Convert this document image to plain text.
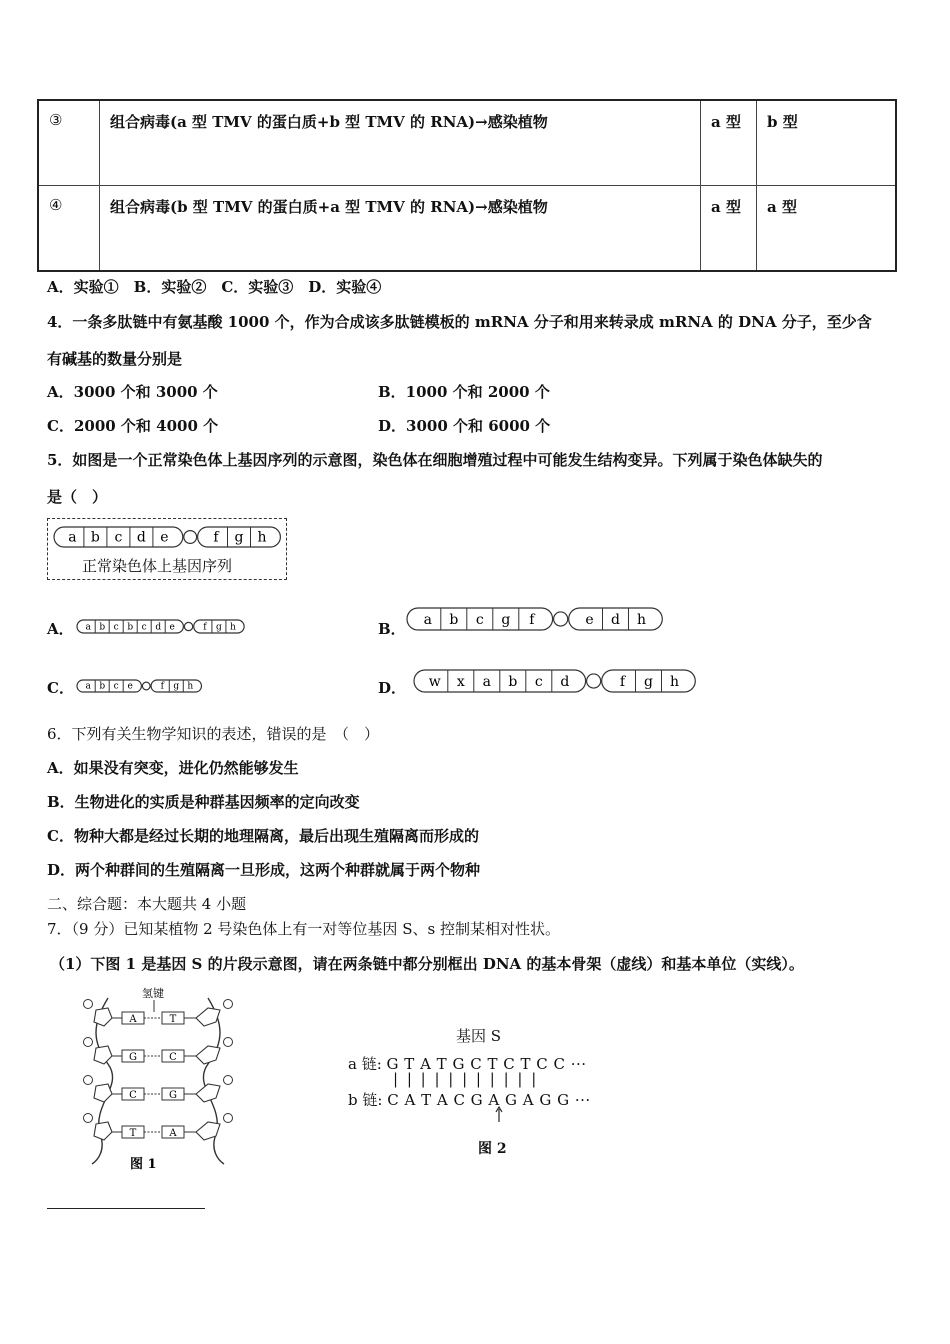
③	组合病毒(a 型 TMV 的蛋白质+b 型 TMV 的 RNA)→感染植物	a 型	b 型
④	组合病毒(b 型 TMV 的蛋白质+a 型 TMV 的 RNA)→感染植物	a 型	a 型
A．实验①　B．实验②　C．实验③　D．实验④
4．一条多肽链中有氨基酸 1000 个，作为合成该多肽链模板的 mRNA 分子和用来转录成 mRNA 的 DNA 分子，至少含
有碱基的数量分别是
A．3000 个和 3000 个	B．1000 个和 2000 个
C．2000 个和 4000 个	D．3000 个和 6000 个
5．如图是一个正常染色体上基因序列的示意图，染色体在细胞增殖过程中可能发生结构变异。下列属于染色体缺失的
是（　）
a b c d e	f g h
正常染色体上基因序列
A． a b c b c d e	f g h	B．
a b c g f	e d h
C． a b c e	f g h	D． w x a b c d	f g h
6．下列有关生物学知识的表述，错误的是　（　）
A．如果没有突变，进化仍然能够发生
B．生物进化的实质是种群基因频率的定向改变
C．物种大都是经过长期的地理隔离，最后出现生殖隔离而形成的
D．两个种群间的生殖隔离一旦形成，这两个种群就属于两个物种
二、综合题：本大题共 4 小题
7．（9 分）已知某植物 2 号染色体上有一对等位基因 S、s 控制某相对性状。
（1）下图 1 是基因 S 的片段示意图，请在两条链中都分别框出 DNA 的基本骨架（虚线）和基本单位（实线）。
氢键
A	T
G	C
C	G
T	A
图 1
基因 S
a 链: G T A T G C T C T C C ···
| | | | | | | | | | |
b 链: C A T A C G A G A G G ···
图 2
